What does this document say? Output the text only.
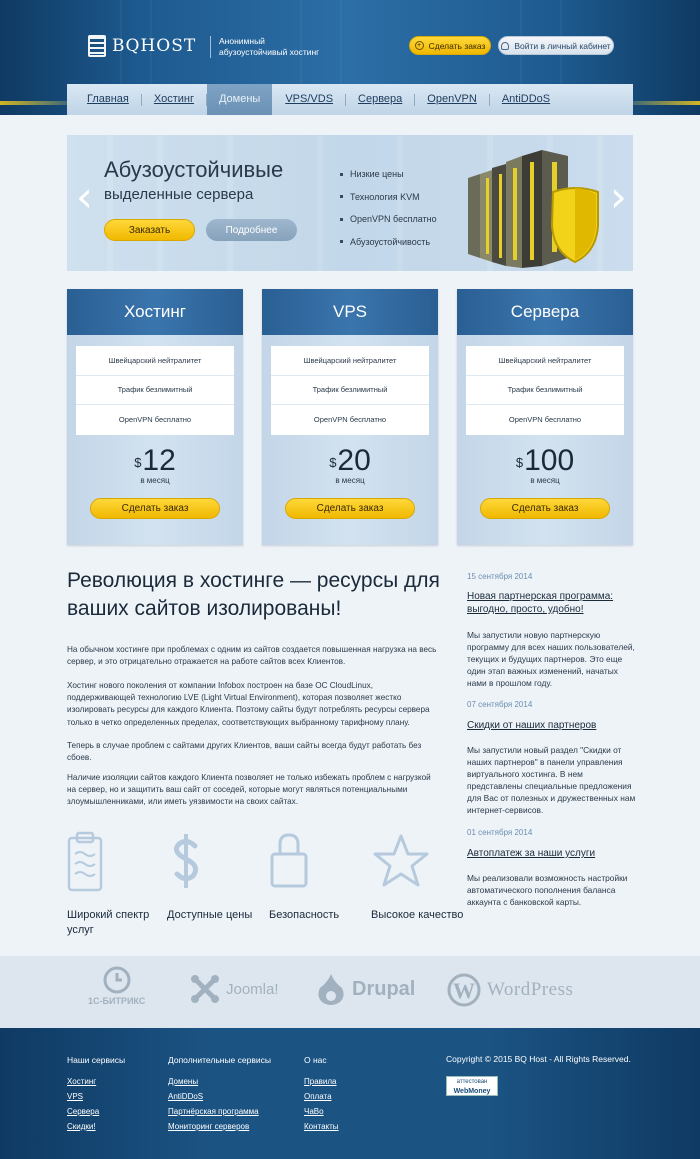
BQHOST	Анонимный абузоустойчивый хостинг
+ Сделать заказ	Войти в личный кабинет
Главная	Хостинг	Домены	VPS/VDS	Сервера	OpenVPN	AntiDDoS
‹	›
Абузоустойчивые
выделенные сервера
Заказать	Подробнее
Низкие цены
Технология KVM
OpenVPN бесплатно
Абузоустойчивость
Хостинг
Швейцарский нейтралитет
Трафик безлимитный
OpenVPN бесплатно
$ 12
в месяц
Сделать заказ
VPS
Швейцарский нейтралитет
Трафик безлимитный
OpenVPN бесплатно
$ 20
в месяц
Сделать заказ
Сервера
Швейцарский нейтралитет
Трафик безлимитный
OpenVPN бесплатно
$ 100
в месяц
Сделать заказ
Революция в хостинге — ресурсы для ваших сайтов изолированы!

На обычном хостинге при проблемах с одним из сайтов создается повышенная нагрузка на весь сервер, и это отрицательно отражается на работе сайтов всех Клиентов.

Хостинг нового поколения от компании Infobox построен на базе ОС CloudLinux, поддерживающей технологию LVE (Light Virtual Environment), которая позволяет жестко изолировать ресурсы для каждого Клиента. Поэтому сайты будут потреблять ресурсы сервера только в четко определенных пределах, соответствующих выбранному тарифному плану.

Теперь в случае проблем с сайтами других Клиентов, ваши сайты всегда будут работать без сбоев.

Наличие изоляции сайтов каждого Клиента позволяет не только избежать проблем с нагрузкой на сервер, но и защитить ваш сайт от соседей, которые могут являться потенциальными злоумышленниками, или иметь уязвимости на своих сайтах.

Широкий спектр услуг
Доступные цены	Безопасность	Высокое качество
15 сентября 2014
Новая партнерская программа: выгодно, просто, удобно!

Мы запустили новую партнерскую программу для всех наших пользователей, текущих и будущих партнеров. Это еще один этап важных изменений, начатых нами в прошлом году.

07 сентября 2014
Скидки от наших партнеров

Мы запустили новый раздел "Скидки от наших партнеров" в панели управления виртуального хостинга. В нем представлены специальные предложения для Вас от полезных и дружественных нам интернет-сервисов.

01 сентября 2014
Автоплатеж за наши услуги

Мы реализовали возможность настройки автоматического пополнения баланса аккаунта с банковской карты.

1С-БИТРИКС
Joomla!	Drupal W WordPress
Наши сервисы
Хостинг
VPS
Сервера
Скидки!
Дополнительные сервисы
Домены
AntiDDoS
Партнёрская программа
Мониторинг серверов
О нас
Правила
Оплата
ЧаВо
Контакты
Copyright © 2015 BQ Host - All Rights Reserved.
аттестован
WebMoney
